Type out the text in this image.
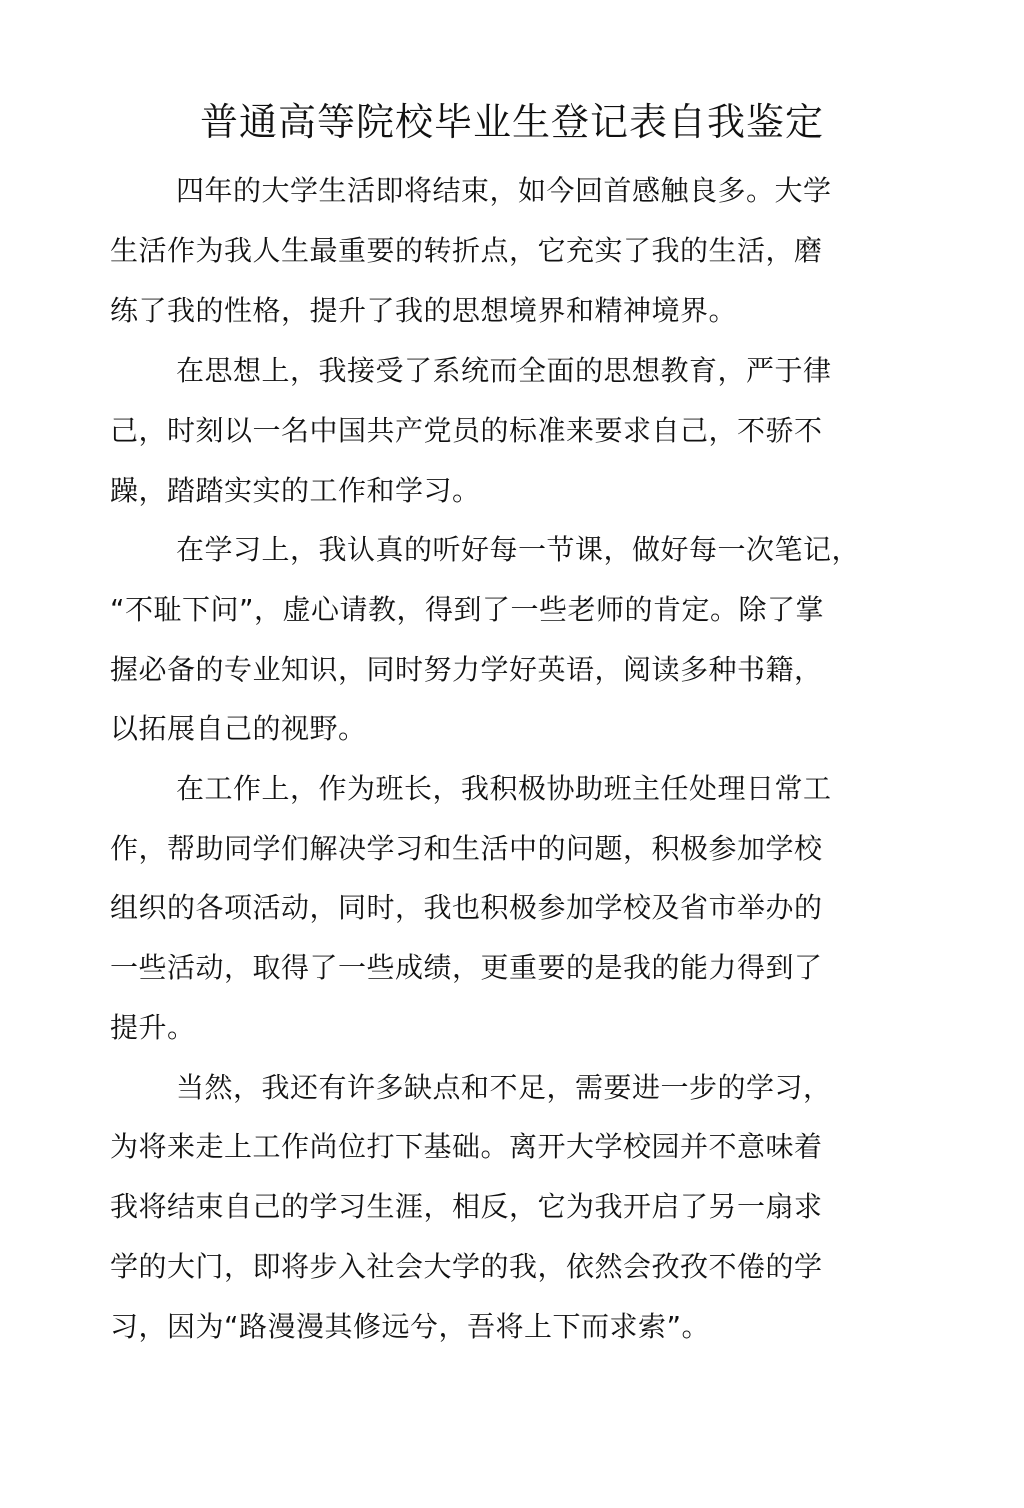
普通高等院校毕业生登记表自我鉴定
四年的大学生活即将结束，如今回首感触良多。大学
生活作为我人生最重要的转折点，它充实了我的生活，磨
练了我的性格，提升了我的思想境界和精神境界。
在思想上，我接受了系统而全面的思想教育，严于律
己，时刻以一名中国共产党员的标准来要求自己，不骄不
躁，踏踏实实的工作和学习。
在学习上，我认真的听好每一节课，做好每一次笔记，
“不耻下问”，虚心请教，得到了一些老师的肯定。除了掌
握必备的专业知识，同时努力学好英语，阅读多种书籍，
以拓展自己的视野。
在工作上，作为班长，我积极协助班主任处理日常工
作，帮助同学们解决学习和生活中的问题，积极参加学校
组织的各项活动，同时，我也积极参加学校及省市举办的
一些活动，取得了一些成绩，更重要的是我的能力得到了
提升。
当然，我还有许多缺点和不足，需要进一步的学习，
为将来走上工作尚位打下基础。离开大学校园并不意味着
我将结束自己的学习生涯，相反，它为我开启了另一扇求
学的大门，即将步入社会大学的我，依然会孜孜不倦的学
习，因为“路漫漫其修远兮，吾将上下而求索”。
